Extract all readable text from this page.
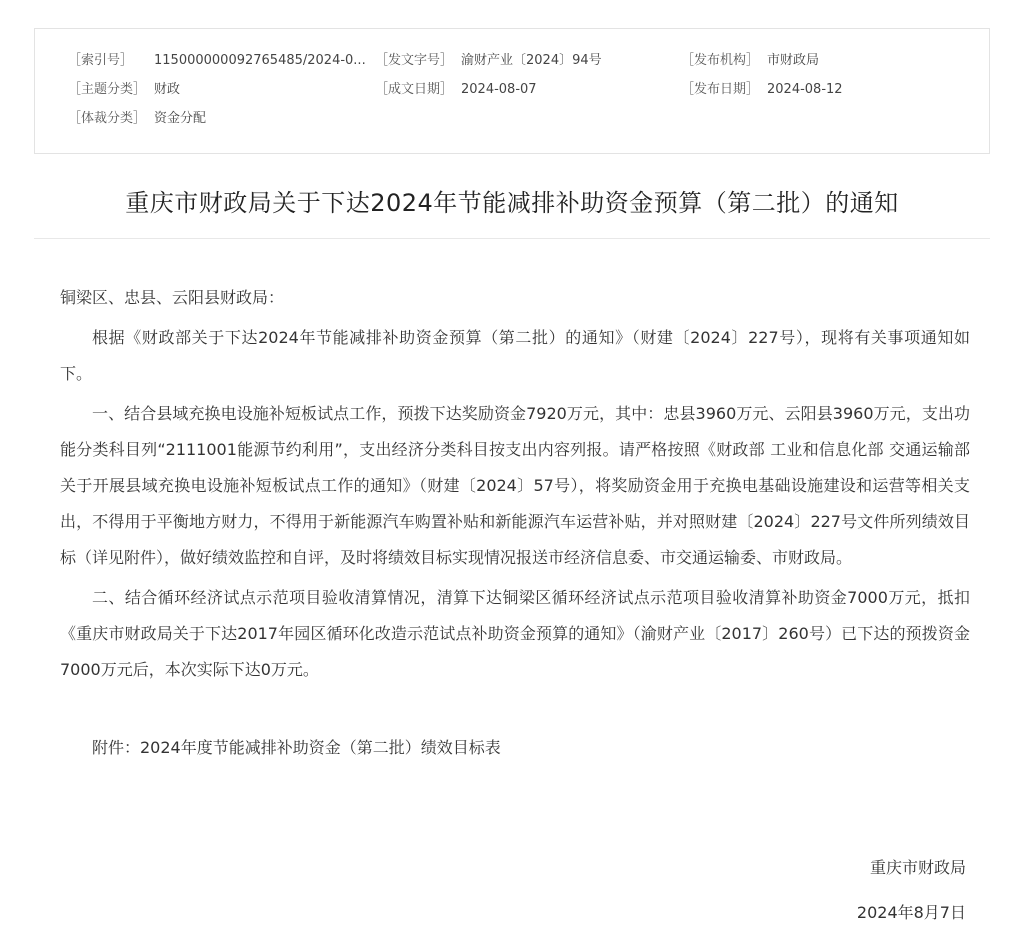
［索引号］ 115000000092765485/2024-0... ［发文字号］ 渝财产业〔2024〕94号	［发布机构］ 市财政局
［主题分类］ 财政	［成文日期］ 2024-08-07	［发布日期］ 2024-08-12
［体裁分类］ 资金分配
重庆市财政局关于下达2024年节能减排补助资金预算（第二批）的通知

铜梁区、忠县、云阳县财政局：

根据《财政部关于下达2024年节能减排补助资金预算（第二批）的通知》（财建〔2024〕227号），现将有关事项通知如下。

一、结合县域充换电设施补短板试点工作，预拨下达奖励资金7920万元，其中：忠县3960万元、云阳县3960万元，支出功能分类科目列“2111001能源节约利用”，支出经济分类科目按支出内容列报。请严格按照《财政部 工业和信息化部 交通运输部关于开展县域充换电设施补短板试点工作的通知》（财建〔2024〕57号），将奖励资金用于充换电基础设施建设和运营等相关支出，不得用于平衡地方财力，不得用于新能源汽车购置补贴和新能源汽车运营补贴，并对照财建〔2024〕227号文件所列绩效目标（详见附件），做好绩效监控和自评，及时将绩效目标实现情况报送市经济信息委、市交通运输委、市财政局。

二、结合循环经济试点示范项目验收清算情况，清算下达铜梁区循环经济试点示范项目验收清算补助资金7000万元，抵扣《重庆市财政局关于下达2017年园区循环化改造示范试点补助资金预算的通知》（渝财产业〔2017〕260号）已下达的预拨资金7000万元后，本次实际下达0万元。

附件：2024年度节能减排补助资金（第二批）绩效目标表

重庆市财政局
2024年8月7日
